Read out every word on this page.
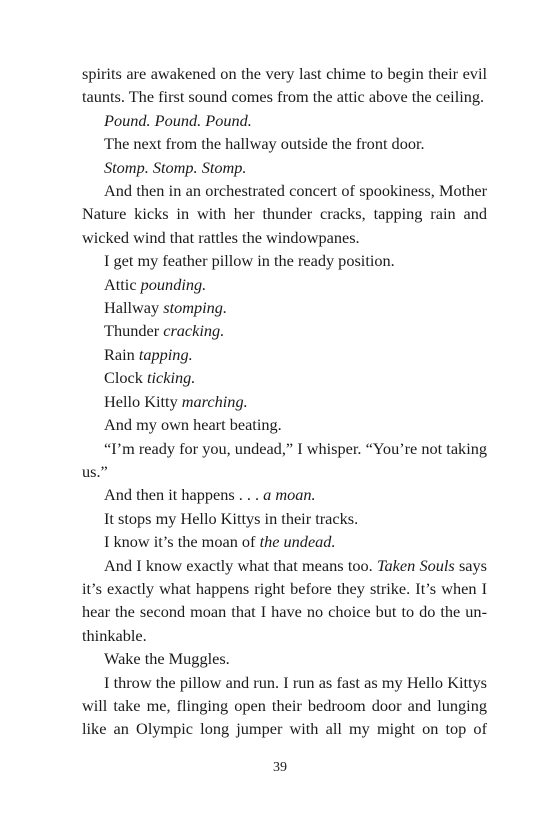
spirits are awakened on the very last chime to begin their evil taunts. The first sound comes from the attic above the ceiling.

Pound. Pound. Pound.

The next from the hallway outside the front door.

Stomp. Stomp. Stomp.

And then in an orchestrated concert of spookiness, Mother Nature kicks in with her thunder cracks, tapping rain and wicked wind that rattles the windowpanes.

I get my feather pillow in the ready position.

Attic pounding.

Hallway stomping.

Thunder cracking.

Rain tapping.

Clock ticking.

Hello Kitty marching.

And my own heart beating.

“I’m ready for you, undead,” I whisper. “You’re not taking us.”

And then it happens . . . a moan.

It stops my Hello Kittys in their tracks.

I know it’s the moan of the undead.

And I know exactly what that means too. Taken Souls says it’s exactly what happens right before they strike. It’s when I hear the second moan that I have no choice but to do the unthinkable.

Wake the Muggles.

I throw the pillow and run. I run as fast as my Hello Kittys will take me, flinging open their bedroom door and lunging like an Olympic long jumper with all my might on top of

39
